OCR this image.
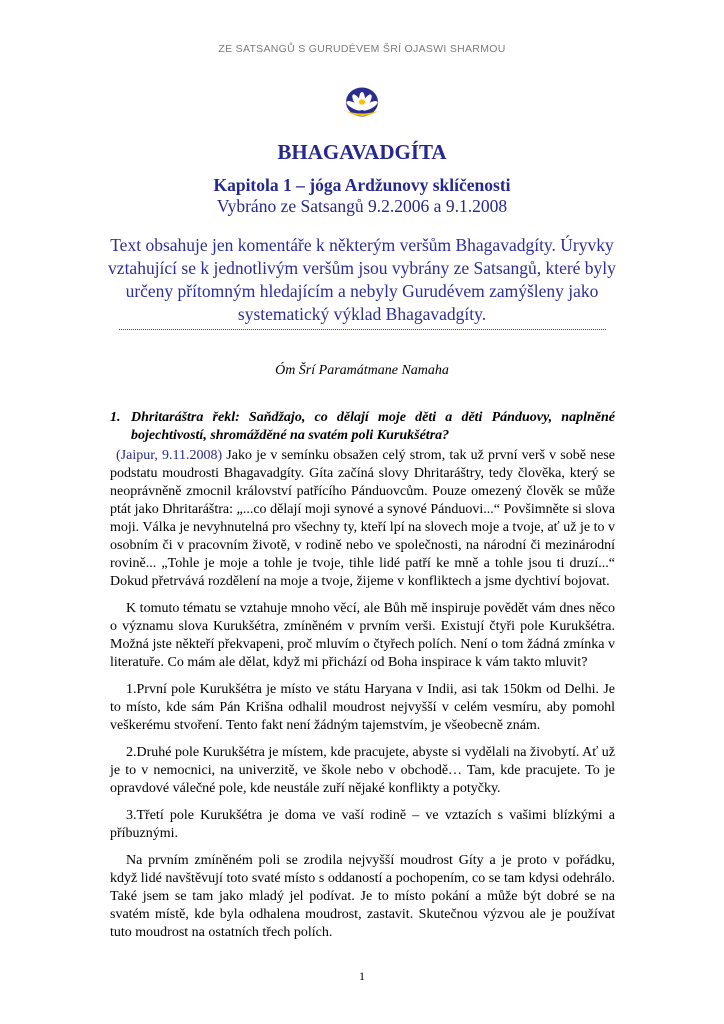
ZE SATSANGŮ S GURUDÉVEM ŠRÍ OJASWI SHARMOU
BHAGAVADGÍTA
Kapitola 1 – jóga Ardžunovy sklíčenosti
Vybráno ze Satsangů 9.2.2006 a 9.1.2008
Text obsahuje jen komentáře k některým veršům Bhagavadgíty. Úryvky vztahující se k jednotlivým veršům jsou vybrány ze Satsangů, které byly určeny přítomným hledajícím a nebyly Gurudévem zamýšleny jako systematický výklad Bhagavadgíty.
Óm Šrí Paramátmane Namaha
1. Dhritaráštra řekl: Saňdžajo, co dělají moje děti a děti Pánduovy, naplněné bojechtivostí, shromážděné na svatém poli Kurukšétra?

(Jaipur, 9.11.2008) Jako je v semínku obsažen celý strom, tak už první verš v sobě nese podstatu moudrosti Bhagavadgíty. Gíta začíná slovy Dhritaráštry, tedy člověka, který se neoprávněně zmocnil království patřícího Pánduovcům. Pouze omezený člověk se může ptát jako Dhritaráštra: „...co dělají moji synové a synové Pánduovi...“ Povšimněte si slova moji. Válka je nevyhnutelná pro všechny ty, kteří lpí na slovech moje a tvoje, ať už je to v osobním či v pracovním životě, v rodině nebo ve společnosti, na národní či mezinárodní rovině... „Tohle je moje a tohle je tvoje, tihle lidé patří ke mně a tohle jsou ti druzí...“ Dokud přetrvává rozdělení na moje a tvoje, žijeme v konfliktech a jsme dychtiví bojovat.

K tomuto tématu se vztahuje mnoho věcí, ale Bůh mě inspiruje povědět vám dnes něco o významu slova Kurukšétra, zmíněném v prvním verši. Existují čtyři pole Kurukšétra. Možná jste někteří překvapeni, proč mluvím o čtyřech polích. Není o tom žádná zmínka v literatuře. Co mám ale dělat, když mi přichází od Boha inspirace k vám takto mluvit?

1.První pole Kurukšétra je místo ve státu Haryana v Indii, asi tak 150km od Delhi. Je to místo, kde sám Pán Krišna odhalil moudrost nejvyšší v celém vesmíru, aby pomohl veškerému stvoření. Tento fakt není žádným tajemstvím, je všeobecně znám.

2.Druhé pole Kurukšétra je místem, kde pracujete, abyste si vydělali na živobytí. Ať už je to v nemocnici, na univerzitě, ve škole nebo v obchodě… Tam, kde pracujete. To je opravdové válečné pole, kde neustále zuří nějaké konflikty a potyčky.

3.Třetí pole Kurukšétra je doma ve vaší rodině – ve vztazích s vašimi blízkými a příbuznými.

Na prvním zmíněném poli se zrodila nejvyšší moudrost Gíty a je proto v pořádku, když lidé navštěvují toto svaté místo s oddaností a pochopením, co se tam kdysi odehrálo. Také jsem se tam jako mladý jel podívat. Je to místo pokání a může být dobré se na svatém místě, kde byla odhalena moudrost, zastavit. Skutečnou výzvou ale je používat tuto moudrost na ostatních třech polích.

1
